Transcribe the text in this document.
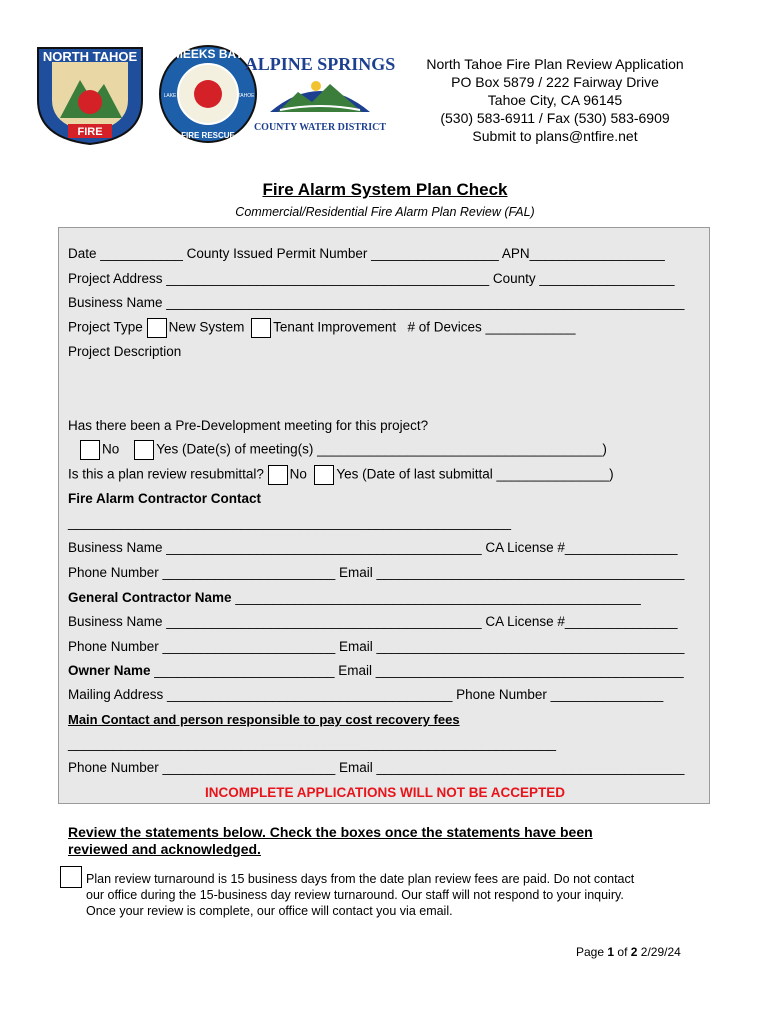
NORTH TAHOE
FIRE
MEEKS BAY
FIRE RESCUE
LAKE	TAHOE
ALPINE SPRINGS
COUNTY WATER DISTRICT
North Tahoe Fire Plan Review Application
PO Box 5879 / 222 Fairway Drive
Tahoe City, CA 96145
(530) 583-6911 / Fax (530) 583-6909
Submit to plans@ntfire.net
Fire Alarm System Plan Check
Commercial/Residential Fire Alarm Plan Review (FAL)
Date ___________ County Issued Permit Number _________________ APN__________________
Project Address ___________________________________________ County __________________
Business Name _____________________________________________________________________
Project Type New System Tenant Improvement # of Devices ____________
Project Description
Has there been a Pre-Development meeting for this project?
No	Yes (Date(s) of meeting(s) ______________________________________)
Is this a plan review resubmittal? No Yes (Date of last submittal _______________)
Fire Alarm Contractor Contact
___________________________________________________________
Business Name __________________________________________ CA License #_______________
Phone Number _______________________ Email _________________________________________
General Contractor Name ______________________________________________________
Business Name __________________________________________ CA License #_______________
Phone Number _______________________ Email _________________________________________
Owner Name ________________________ Email _________________________________________
Mailing Address ______________________________________ Phone Number _______________
Main Contact and person responsible to pay cost recovery fees
_________________________________________________________________
Phone Number _______________________ Email _________________________________________
INCOMPLETE APPLICATIONS WILL NOT BE ACCEPTED
Review the statements below. Check the boxes once the statements have been
reviewed and acknowledged.
Plan review turnaround is 15 business days from the date plan review fees are paid. Do not contact
our office during the 15-business day review turnaround. Our staff will not respond to your inquiry.
Once your review is complete, our office will contact you via email.
Page 1 of 2 2/29/24
